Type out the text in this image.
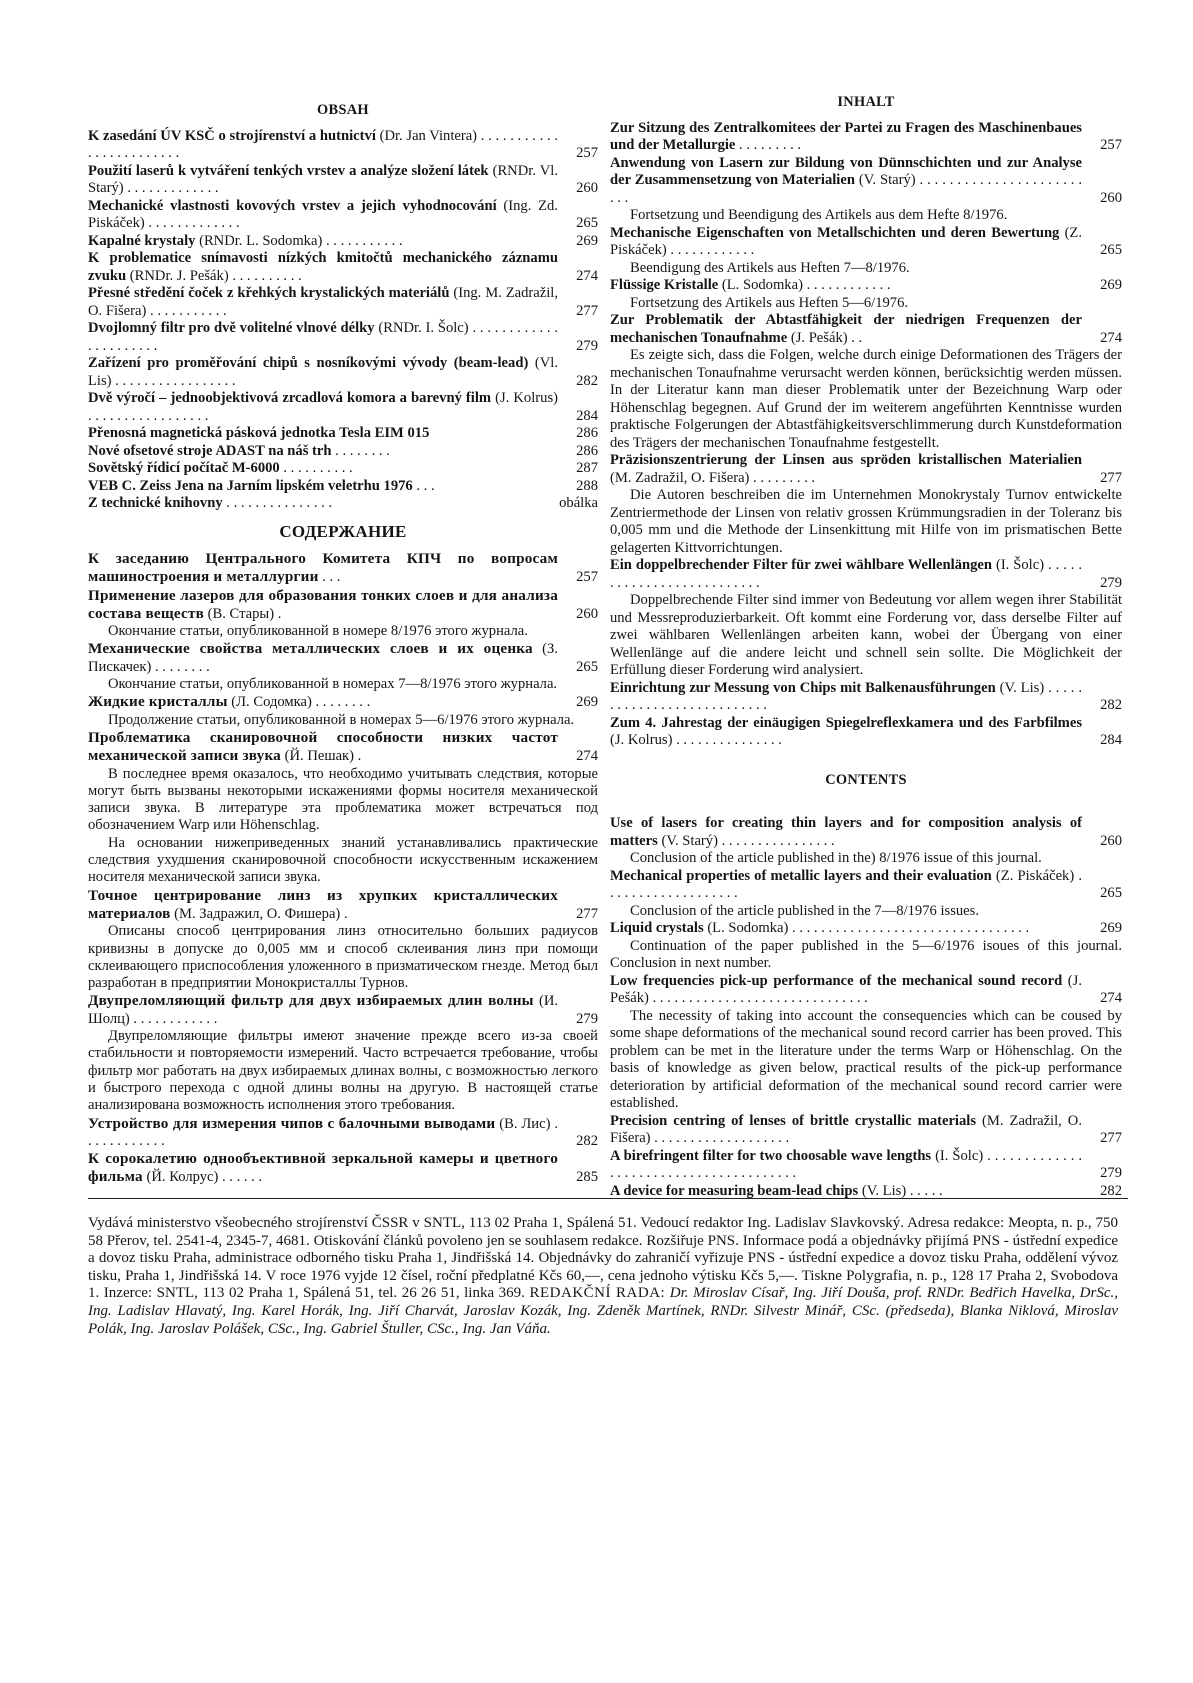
OBSAH
K zasedání ÚV KSČ o strojírenství a hutnictví (Dr. Jan Vintera) . . . . . . . . . . . . . . . . . . . . . . . .	257
Použití laserů k vytváření tenkých vrstev a analýze složení látek (RNDr. Vl. Starý) . . . . . . . . . . . . .	260
Mechanické vlastnosti kovových vrstev a jejich vyhodnocování (Ing. Zd. Piskáček) . . . . . . . . . . . . .	265
Kapalné krystaly (RNDr. L. Sodomka) . . . . . . . . . . .	269
K problematice snímavosti nízkých kmitočtů mechanického záznamu zvuku (RNDr. J. Pešák) . . . . . . . . . .	274
Přesné středění čoček z křehkých krystalických materiálů (Ing. M. Zadražil, O. Fišera) . . . . . . . . . . .	277
Dvojlomný filtr pro dvě volitelné vlnové délky (RNDr. I. Šolc) . . . . . . . . . . . . . . . . . . . . . .	279
Zařízení pro proměřování chipů s nosníkovými vývody (beam-lead) (Vl. Lis) . . . . . . . . . . . . . . . . .	282
Dvě výročí – jednoobjektivová zrcadlová komora a barevný film (J. Kolrus) . . . . . . . . . . . . . . . . .	284
Přenosná magnetická pásková jednotka Tesla EIM 015	286
Nové ofsetové stroje ADAST na náš trh . . . . . . . .	286
Sovětský řídicí počítač M-6000 . . . . . . . . . .	287
VEB C. Zeiss Jena na Jarním lipském veletrhu 1976 . . .	288
Z technické knihovny . . . . . . . . . . . . . . .	obálka
СОДЕРЖАНИЕ
К заседанию Центрального Комитета КПЧ по вопросам машиностроения и металлургии . . .	257
Применение лазеров для образования тонких слоев и для анализа состава веществ (В. Стары) .	260
Окончание статьи, опубликованной в номере 8/1976 этого журнала.
Механические свойства металлических слоев и их оценка (З. Пискачек) . . . . . . . .	265
Окончание статьи, опубликованной в номерах 7—8/1976 этого журнала.
Жидкие кристаллы (Л. Содомка) . . . . . . . .	269
Продолжение статьи, опубликованной в номерах 5—6/1976 этого журнала.
Проблематика сканировочной способности низких частот механической записи звука (Й. Пешак) .	274
В последнее время оказалось, что необходимо учитывать следствия, которые могут быть вызваны некоторыми искажениями формы носителя механической записи звука. В литературе эта проблематика может встречаться под обозначением Warp или Höhenschlag.
На основании нижеприведенных знаний устанавливались практические следствия ухудшения сканировочной способности искусственным искажением носителя механической записи звука.
Точное центрирование линз из хрупких кристаллических материалов (М. Задражил, О. Фишера) .	277
Описаны способ центрирования линз относительно больших радиусов кривизны в допуске до 0,005 мм и способ склеивания линз при помощи склеивающего приспособления уложенного в призматическом гнезде. Метод был разработан в предприятии Монокристаллы Турнов.
Двупреломляющий фильтр для двух избираемых длин волны (И. Шолц) . . . . . . . . . . . .	279
Двупреломляющие фильтры имеют значение прежде всего из-за своей стабильности и повторяемости измерений. Часто встречается требование, чтобы фильтр мог работать на двух избираемых длинах волны, с возможностью легкого и быстрого перехода с одной длины волны на другую. В настоящей статье анализирована возможность исполнения этого требования.
Устройство для измерения чипов с балочными выводами (В. Лис) . . . . . . . . . . . .	282
К сорокалетию однообъективной зеркальной камеры и цветного фильма (Й. Колрус) . . . . . .	285
INHALT
Zur Sitzung des Zentralkomitees der Partei zu Fragen des Maschinenbaues und der Metallurgie . . . . . . . . .	257
Anwendung von Lasern zur Bildung von Dünnschichten und zur Analyse der Zusammensetzung von Materialien (V. Starý) . . . . . . . . . . . . . . . . . . . . . . . . .	260
Fortsetzung und Beendigung des Artikels aus dem Hefte 8/1976.
Mechanische Eigenschaften von Metallschichten und deren Bewertung (Z. Piskáček) . . . . . . . . . . . .	265
Beendigung des Artikels aus Heften 7—8/1976.
Flüssige Kristalle (L. Sodomka) . . . . . . . . . . . .	269
Fortsetzung des Artikels aus Heften 5—6/1976.
Zur Problematik der Abtastfähigkeit der niedrigen Frequenzen der mechanischen Tonaufnahme (J. Pešák) . .	274
Es zeigte sich, dass die Folgen, welche durch einige Deformationen des Trägers der mechanischen Tonaufnahme verursacht werden können, berücksichtig werden müssen. In der Literatur kann man dieser Problematik unter der Bezeichnung Warp oder Höhenschlag begegnen. Auf Grund der im weiterem angeführten Kenntnisse wurden praktische Folgerungen der Abtastfähigkeitsverschlimmerung durch Kunstdeformation des Trägers der mechanischen Tonaufnahme festgestellt.
Präzisionszentrierung der Linsen aus spröden kristallischen Materialien (M. Zadražil, O. Fišera) . . . . . . . . .	277
Die Autoren beschreiben die im Unternehmen Monokrystaly Turnov entwickelte Zentriermethode der Linsen von relativ grossen Krümmungsradien in der Toleranz bis 0,005 mm und die Methode der Linsenkittung mit Hilfe von im prismatischen Bette gelagerten Kittvorrichtungen.
Ein doppelbrechender Filter für zwei wählbare Wellenlängen (I. Šolc) . . . . . . . . . . . . . . . . . . . . . . . . . .	279
Doppelbrechende Filter sind immer von Bedeutung vor allem wegen ihrer Stabilität und Messreproduzierbarkeit. Oft kommt eine Forderung vor, dass derselbe Filter auf zwei wählbaren Wellenlängen arbeiten kann, wobei der Übergang von einer Wellenlänge auf die andere leicht und schnell sein sollte. Die Möglichkeit der Erfüllung dieser Forderung wird analysiert.
Einrichtung zur Messung von Chips mit Balkenausführungen (V. Lis) . . . . . . . . . . . . . . . . . . . . . . . . . . .	282
Zum 4. Jahrestag der einäugigen Spiegelreflexkamera und des Farbfilmes (J. Kolrus) . . . . . . . . . . . . . . .	284
CONTENTS
Use of lasers for creating thin layers and for composition analysis of matters (V. Starý) . . . . . . . . . . . . . . . .	260
Conclusion of the article published in the) 8/1976 issue of this journal.
Mechanical properties of metallic layers and their evaluation (Z. Piskáček) . . . . . . . . . . . . . . . . . . .	265
Conclusion of the article published in the 7—8/1976 issues.
Liquid crystals (L. Sodomka) . . . . . . . . . . . . . . . . . . . . . . . . . . . . . . . . .	269
Continuation of the paper published in the 5—6/1976 isoues of this journal. Conclusion in next number.
Low frequencies pick-up performance of the mechanical sound record (J. Pešák) . . . . . . . . . . . . . . . . . . . . . . . . . . . . . .	274
The necessity of taking into account the consequencies which can be coused by some shape deformations of the mechanical sound record carrier has been proved. This problem can be met in the literature under the terms Warp or Höhenschlag. On the basis of knowledge as given below, practical results of the pick-up performance deterioration by artificial deformation of the mechanical sound record carrier were established.
Precision centring of lenses of brittle crystallic materials (M. Zadražil, O. Fišera) . . . . . . . . . . . . . . . . . . .	277
A birefringent filter for two choosable wave lengths (I. Šolc) . . . . . . . . . . . . . . . . . . . . . . . . . . . . . . . . . . . . . . .	279
A device for measuring beam-lead chips (V. Lis) . . . . .	282
Vydává ministerstvo všeobecného strojírenství ČSSR v SNTL, 113 02 Praha 1, Spálená 51. Vedoucí redaktor Ing. Ladislav Slavkovský. Adresa redakce: Meopta, n. p., 750 58 Přerov, tel. 2541-4, 2345-7, 4681. Otiskování článků povoleno jen se souhlasem redakce. Rozšiřuje PNS. Informace podá a objednávky přijímá PNS - ústřední expedice a dovoz tisku Praha, administrace odborného tisku Praha 1, Jindřišská 14. Objednávky do zahraničí vyřizuje PNS - ústřední expedice a dovoz tisku Praha, oddělení vývoz tisku, Praha 1, Jindřišská 14. V roce 1976 vyjde 12 čísel, roční předplatné Kčs 60,—, cena jednoho výtisku Kčs 5,—. Tiskne Polygrafia, n. p., 128 17 Praha 2, Svobodova 1. Inzerce: SNTL, 113 02 Praha 1, Spálená 51, tel. 26 26 51, linka 369. REDAKČNÍ RADA: Dr. Miroslav Císař, Ing. Jiří Douša, prof. RNDr. Bedřich Havelka, DrSc., Ing. Ladislav Hlavatý, Ing. Karel Horák, Ing. Jiří Charvát, Jaroslav Kozák, Ing. Zdeněk Martínek, RNDr. Silvestr Minář, CSc. (předseda), Blanka Niklová, Miroslav Polák, Ing. Jaroslav Polášek, CSc., Ing. Gabriel Štuller, CSc., Ing. Jan Váňa.
